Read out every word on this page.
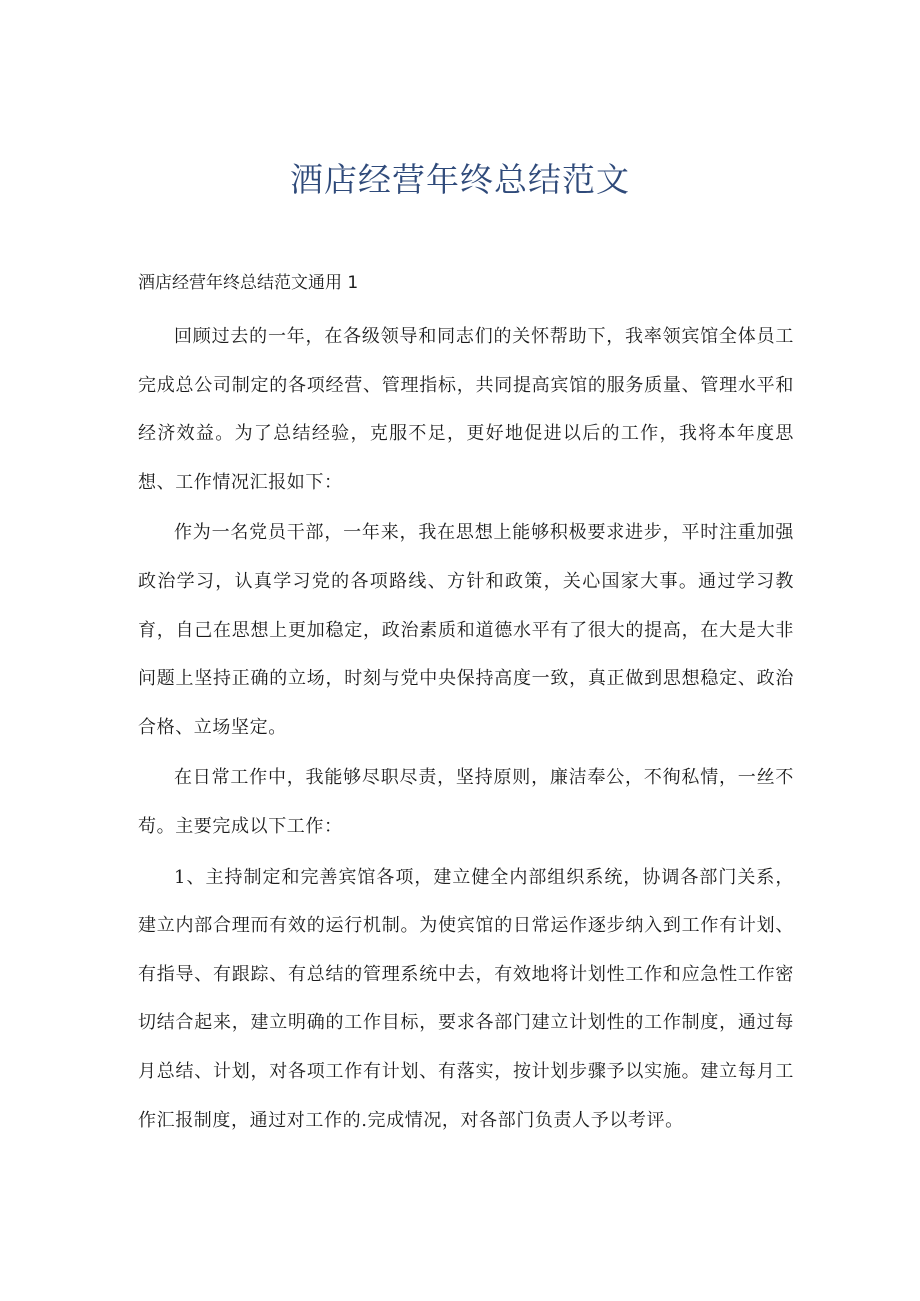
酒店经营年终总结范文
酒店经营年终总结范文通用 1

回顾过去的一年，在各级领导和同志们的关怀帮助下，我率领宾馆全体员工完成总公司制定的各项经营、管理指标，共同提高宾馆的服务质量、管理水平和经济效益。为了总结经验，克服不足，更好地促进以后的工作，我将本年度思想、工作情况汇报如下：

作为一名党员干部，一年来，我在思想上能够积极要求进步，平时注重加强政治学习，认真学习党的各项路线、方针和政策，关心国家大事。通过学习教育，自己在思想上更加稳定，政治素质和道德水平有了很大的提高，在大是大非问题上坚持正确的立场，时刻与党中央保持高度一致，真正做到思想稳定、政治合格、立场坚定。

在日常工作中，我能够尽职尽责，坚持原则，廉洁奉公，不徇私情，一丝不苟。主要完成以下工作：

1、主持制定和完善宾馆各项，建立健全内部组织系统，协调各部门关系，建立内部合理而有效的运行机制。为使宾馆的日常运作逐步纳入到工作有计划、有指导、有跟踪、有总结的管理系统中去，有效地将计划性工作和应急性工作密切结合起来，建立明确的工作目标，要求各部门建立计划性的工作制度，通过每月总结、计划，对各项工作有计划、有落实，按计划步骤予以实施。建立每月工作汇报制度，通过对工作的.完成情况，对各部门负责人予以考评。
